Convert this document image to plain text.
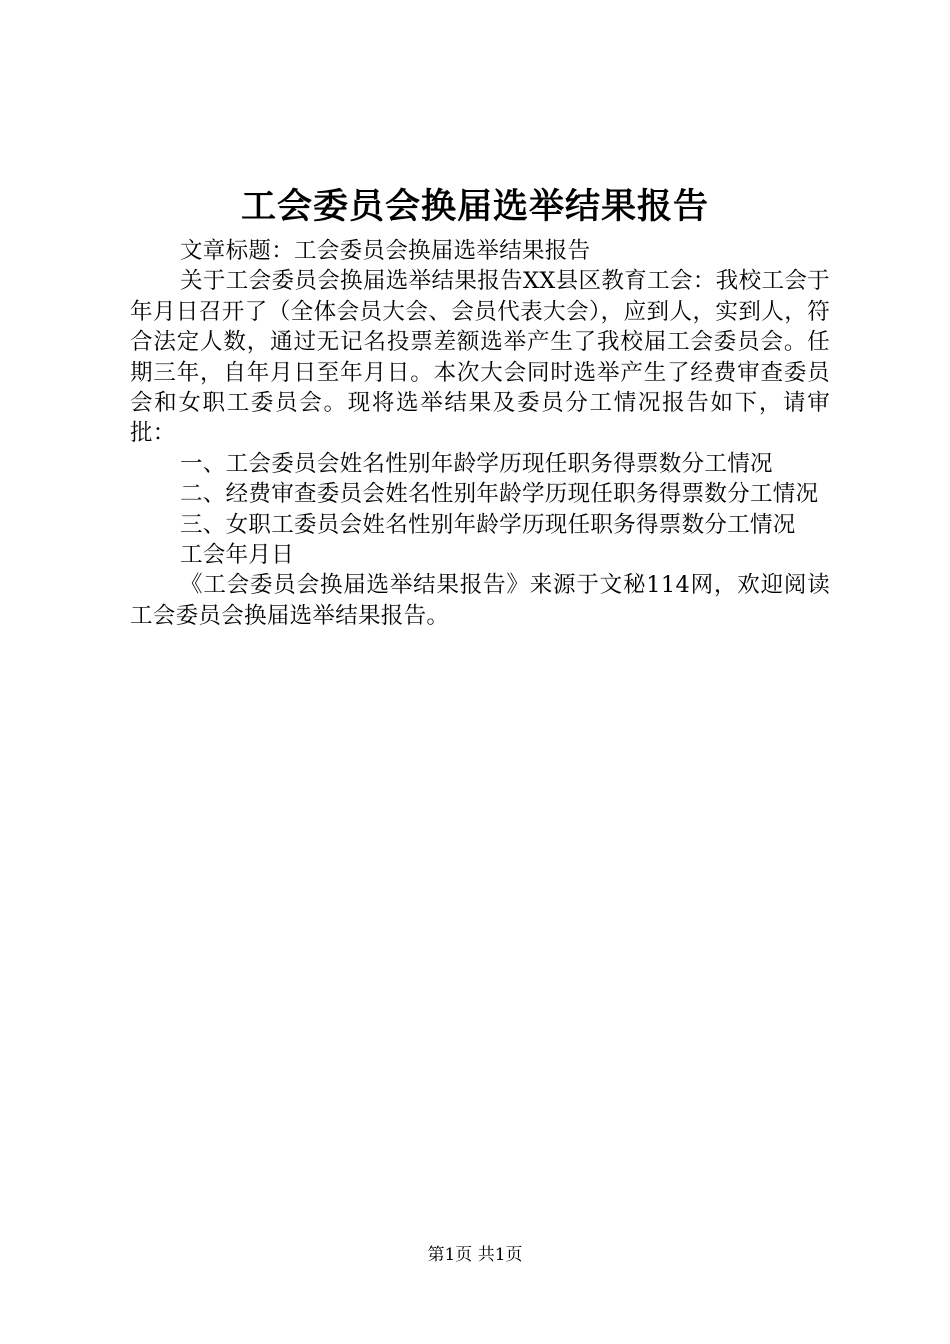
工会委员会换届选举结果报告

文章标题：工会委员会换届选举结果报告

关于工会委员会换届选举结果报告XX县区教育工会：我校工会于年月日召开了（全体会员大会、会员代表大会），应到人，实到人，符合法定人数，通过无记名投票差额选举产生了我校届工会委员会。任期三年，自年月日至年月日。本次大会同时选举产生了经费审查委员会和女职工委员会。现将选举结果及委员分工情况报告如下，请审批：

一、工会委员会姓名性别年龄学历现任职务得票数分工情况

二、经费审查委员会姓名性别年龄学历现任职务得票数分工情况

三、女职工委员会姓名性别年龄学历现任职务得票数分工情况

工会年月日

《工会委员会换届选举结果报告》来源于文秘114网，欢迎阅读工会委员会换届选举结果报告。

第1页 共1页
